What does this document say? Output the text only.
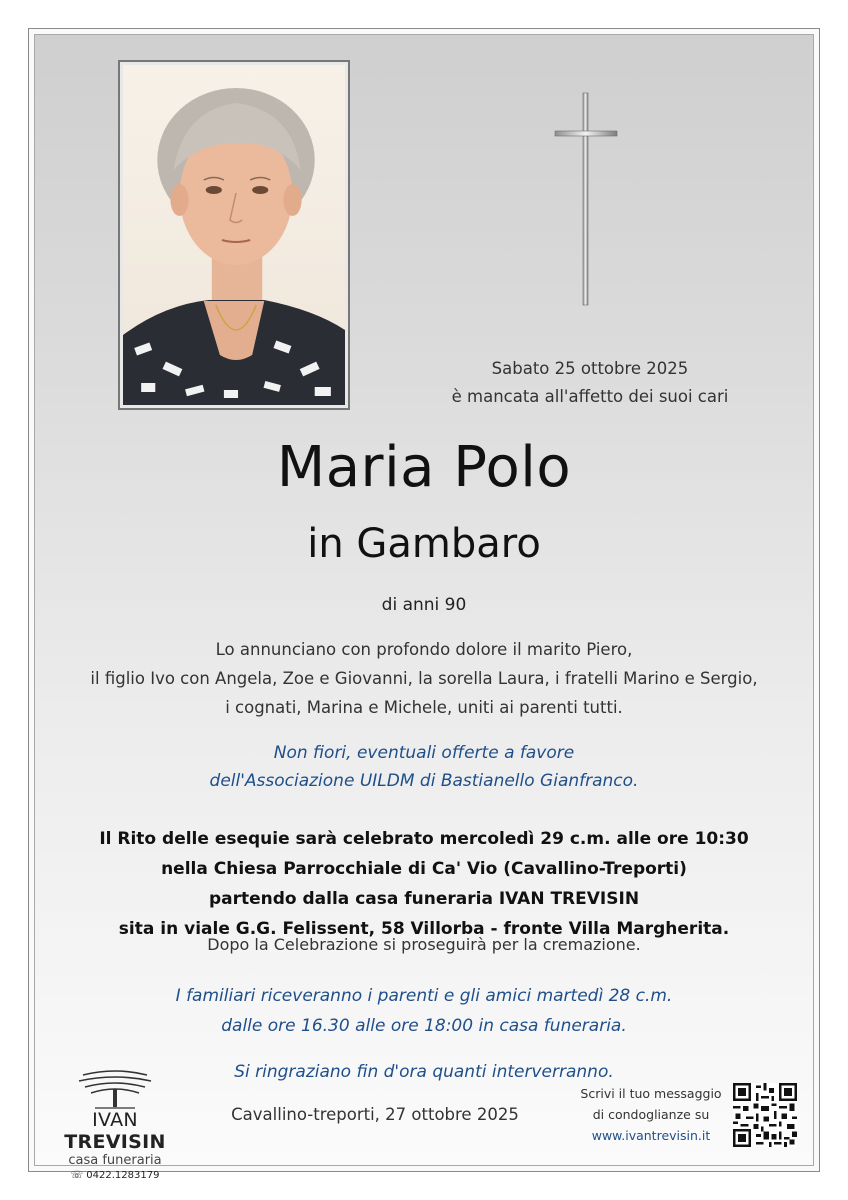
Sabato 25 ottobre 2025
è mancata all'affetto dei suoi cari
Maria Polo
in Gambaro
di anni 90
Lo annunciano con profondo dolore il marito Piero,
il figlio Ivo con Angela, Zoe e Giovanni, la sorella Laura, i fratelli Marino e Sergio,
i cognati, Marina e Michele, uniti ai parenti tutti.
Non fiori, eventuali offerte a favore
dell'Associazione UILDM di Bastianello Gianfranco.
Il Rito delle esequie sarà celebrato mercoledì 29 c.m. alle ore 10:30
nella Chiesa Parrocchiale di Ca' Vio (Cavallino-Treporti)
partendo dalla casa funeraria IVAN TREVISIN
sita in viale G.G. Felissent, 58 Villorba - fronte Villa Margherita.
Dopo la Celebrazione si proseguirà per la cremazione.
I familiari riceveranno i parenti e gli amici martedì 28 c.m.
dalle ore 16.30 alle ore 18:00 in casa funeraria.
Si ringraziano fin d'ora quanti interverranno.
IVAN TREVISIN
casa funeraria
☏ 0422.1283179
Cavallino-treporti, 27 ottobre 2025
Scrivi il tuo messaggio
di condoglianze su
www.ivantrevisin.it
